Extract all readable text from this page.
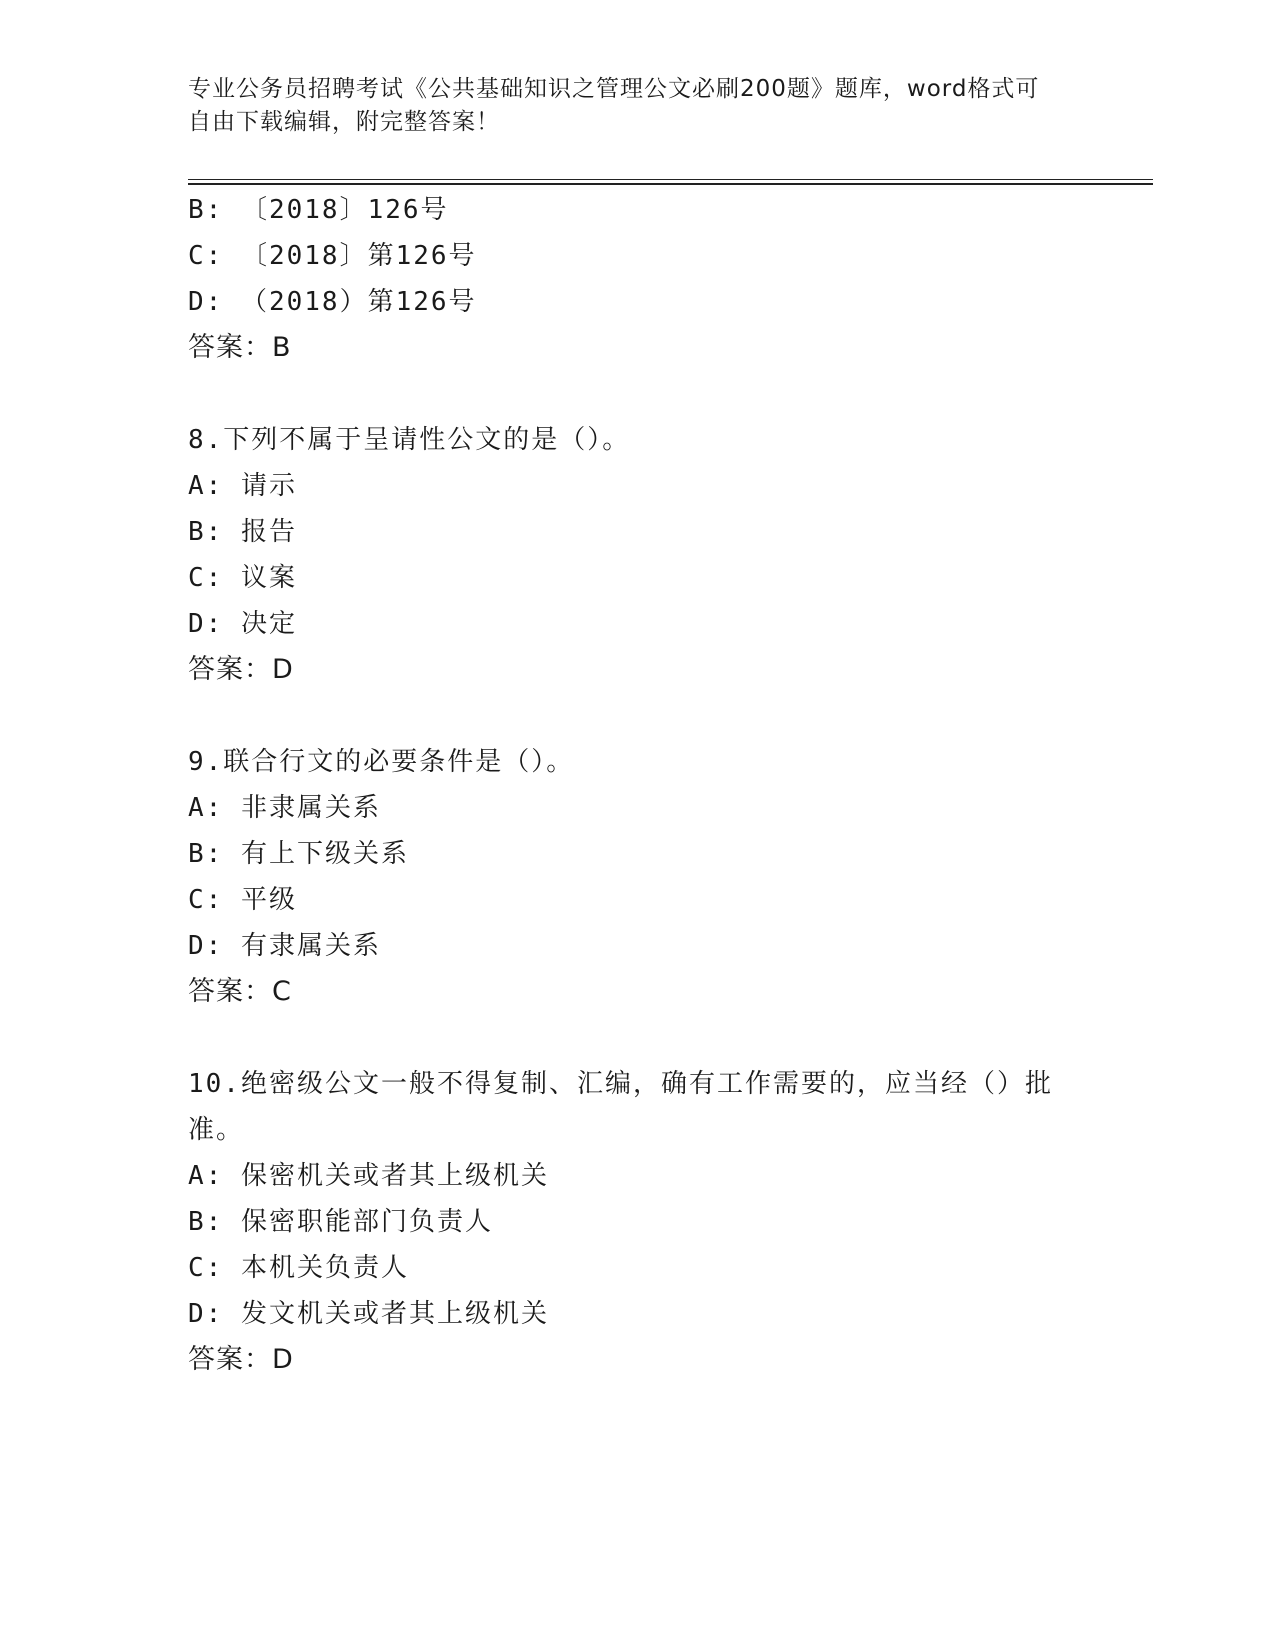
专业公务员招聘考试《公共基础知识之管理公文必刷200题》题库，word格式可
自由下载编辑，附完整答案！
B: 〔2018〕126号
C: 〔2018〕第126号
D: （2018）第126号
答案：B
8.下列不属于呈请性公文的是（）。
A: 请示
B: 报告
C: 议案
D: 决定
答案：D
9.联合行文的必要条件是（）。
A: 非隶属关系
B: 有上下级关系
C: 平级
D: 有隶属关系
答案：C
10.绝密级公文一般不得复制、汇编，确有工作需要的，应当经（）批
准。
A: 保密机关或者其上级机关
B: 保密职能部门负责人
C: 本机关负责人
D: 发文机关或者其上级机关
答案：D
